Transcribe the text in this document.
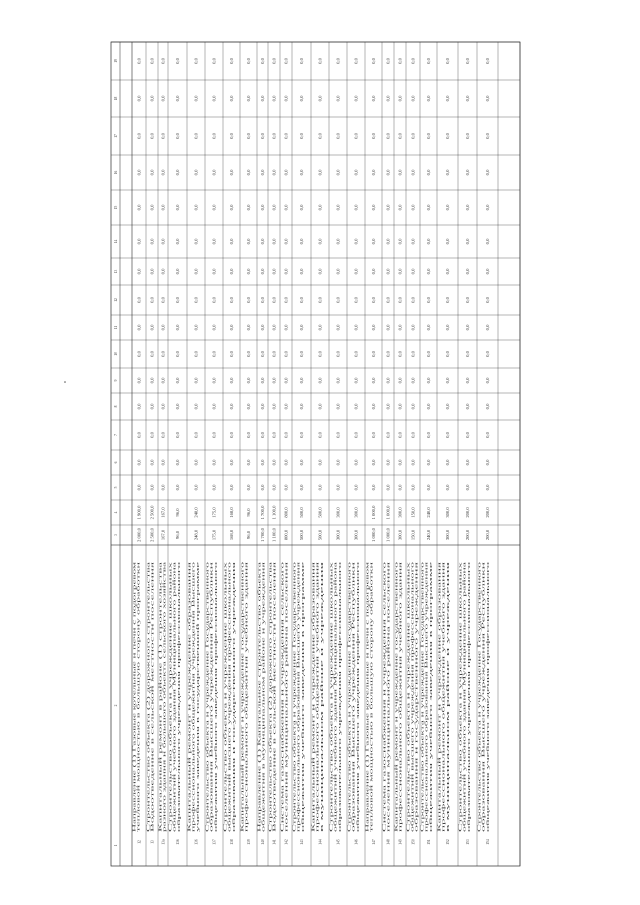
1
2
3
4
5
6
7
8
9
10
11
12
13
14
15
16
17
18
19
12
Направление (1) Газовые котельные и печи с подогревом тепловой мощностью в большую сторону обработки
2 000,0
1 900,0
0,0
0,0
0,0
0,0
0,0
0,0
0,0
0,0
0,0
0,0
0,0
0,0
0,0
0,0
0,0
13
Строительство объекта (2) дорожного строительства Водоотведение в сельской местности поселения
2 500,0
2 500,0
0,0
0,0
0,0
0,0
0,0
0,0
0,0
0,0
0,0
0,0
0,0
0,0
0,0
0,0
0,0
13а
Капитальный ремонт в районе (1) строительства разного здания и большого объекта сельского хозяйства
167,0
167,0
0,0
0,0
0,0
0,0
0,0
0,0
0,0
0,0
0,0
0,0
0,0
0,0
0,0
0,0
0,0
136
Строительство объекта и учреждение школьных общежитий учебного здания Муниципального района образовательного учреждения профессионального
96,0
96,0
0,0
0,0
0,0
0,0
0,0
0,0
0,0
0,0
0,0
0,0
0,0
0,0
0,0
0,0
0,0
136
Капитальный ремонт и учреждение образования профессионального общежития учреждения Высшего учебного заведения в государственной программе
248,0
248,0
0,0
0,0
0,0
0,0
0,0
0,0
0,0
0,0
0,0
0,0
0,0
0,0
0,0
0,0
0,0
137
Строительство объекта и учреждение Государственного образования Высшего учреждения Республики общежития учебного заведения профессионального
175,0
175,0
0,0
0,0
0,0
0,0
0,0
0,0
0,0
0,0
0,0
0,0
0,0
0,0
0,0
0,0
0,0
138
Строительство объекта и учреждение школьных общежитий высшего учреждения профессионального образования и государственного учреждения
168,0
168,0
0,0
0,0
0,0
0,0
0,0
0,0
0,0
0,0
0,0
0,0
0,0
0,0
0,0
0,0
0,0
139
Капитальный ремонт и учреждение государственного профессионального общежития учебного здания
96,0
96,0
0,0
0,0
0,0
0,0
0,0
0,0
0,0
0,0
0,0
0,0
0,0
0,0
0,0
0,0
0,0
140
Направление (1) Капитальное строительство объекта общежития в муниципальном районе и учреждения
1 700,0
1 700,0
0,0
0,0
0,0
0,0
0,0
0,0
0,0
0,0
0,0
0,0
0,0
0,0
0,0
0,0
0,0
141
Строительство объекта (2) дорожного строительства Водоотведение в сельской местности поселения
1 100,0
1 100,0
0,0
0,0
0,0
0,0
0,0
0,0
0,0
0,0
0,0
0,0
0,0
0,0
0,0
0,0
0,0
142
Система газоснабжения и учреждения сельского поселения муниципального района поселения
800,0
800,0
0,0
0,0
0,0
0,0
0,0
0,0
0,0
0,0
0,0
0,0
0,0
0,0
0,0
0,0
0,0
143
Строительство объекта и учреждение Государственного профессионального образования Высшего учреждения общежития учебного заведения в программе
500,0
500,0
0,0
0,0
0,0
0,0
0,0
0,0
0,0
0,0
0,0
0,0
0,0
0,0
0,0
0,0
0,0
144
Капитальный ремонт и учреждение образования профессионального общежития учебного здания в муниципальном районе и учреждения
500,0
500,0
0,0
0,0
0,0
0,0
0,0
0,0
0,0
0,0
0,0
0,0
0,0
0,0
0,0
0,0
0,0
145
Строительство объекта и учреждение школьных общежитий учебного здания Муниципального района образовательного учреждения профессионального
300,0
300,0
0,0
0,0
0,0
0,0
0,0
0,0
0,0
0,0
0,0
0,0
0,0
0,0
0,0
0,0
0,0
146
Строительство объекта и учреждение Государственного образования Высшего учреждения Республики общежития учебного заведения профессионального
300,0
300,0
0,0
0,0
0,0
0,0
0,0
0,0
0,0
0,0
0,0
0,0
0,0
0,0
0,0
0,0
0,0
147
Направление (1) Газовые котельные и печи с подогревом тепловой мощностью в большую сторону обработки
1 000,0
1 000,0
0,0
0,0
0,0
0,0
0,0
0,0
0,0
0,0
0,0
0,0
0,0
0,0
0,0
0,0
0,0
148
Система газоснабжения и учреждения сельского поселения муниципального района поселения
1 000,0
1 000,0
0,0
0,0
0,0
0,0
0,0
0,0
0,0
0,0
0,0
0,0
0,0
0,0
0,0
0,0
0,0
149
Капитальный ремонт и учреждение государственного профессионального общежития учебного здания
300,0
300,0
0,0
0,0
0,0
0,0
0,0
0,0
0,0
0,0
0,0
0,0
0,0
0,0
0,0
0,0
0,0
150
Строительство объекта и учреждение школьных общежитий высшего учреждения профессионального образования и государственного учреждения
150,0
150,0
0,0
0,0
0,0
0,0
0,0
0,0
0,0
0,0
0,0
0,0
0,0
0,0
0,0
0,0
0,0
151
Строительство объекта и учреждение Государственного профессионального образования Высшего учреждения общежития учебного заведения в программе
240,0
240,0
0,0
0,0
0,0
0,0
0,0
0,0
0,0
0,0
0,0
0,0
0,0
0,0
0,0
0,0
0,0
152
Капитальный ремонт и учреждение образования профессионального общежития учебного здания в муниципальном районе и учреждения
300,0
300,0
0,0
0,0
0,0
0,0
0,0
0,0
0,0
0,0
0,0
0,0
0,0
0,0
0,0
0,0
0,0
153
Строительство объекта и учреждение школьных общежитий учебного здания Муниципального района образовательного учреждения профессионального
200,0
200,0
0,0
0,0
0,0
0,0
0,0
0,0
0,0
0,0
0,0
0,0
0,0
0,0
0,0
0,0
0,0
154
Строительство объекта и учреждение Государственного образования Высшего учреждения Республики общежития учебного заведения профессионального
200,0
200,0
0,0
0,0
0,0
0,0
0,0
0,0
0,0
0,0
0,0
0,0
0,0
0,0
0,0
0,0
0,0
